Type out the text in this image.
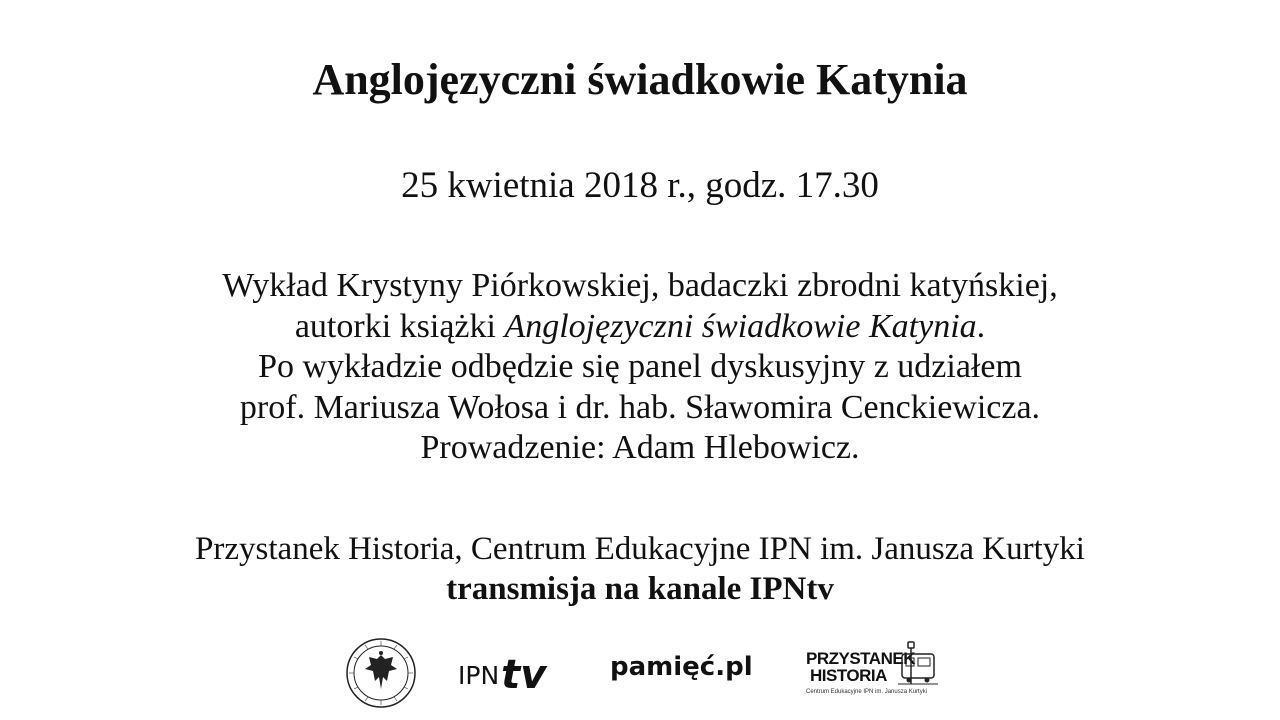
Anglojęzyczni świadkowie Katynia
25 kwietnia 2018 r., godz. 17.30
Wykład Krystyny Piórkowskiej, badaczki zbrodni katyńskiej,
autorki książki Anglojęzyczni świadkowie Katynia.
Po wykładzie odbędzie się panel dyskusyjny z udziałem
prof. Mariusza Wołosa i dr. hab. Sławomira Cenckiewicza.
Prowadzenie: Adam Hlebowicz.
Przystanek Historia, Centrum Edukacyjne IPN im. Janusza Kurtyki
transmisja na kanale IPNtv
IPN tv pamięć.pl	PRZYSTANEK
HISTORIA
Centrum Edukacyjne IPN im. Janusza Kurtyki
